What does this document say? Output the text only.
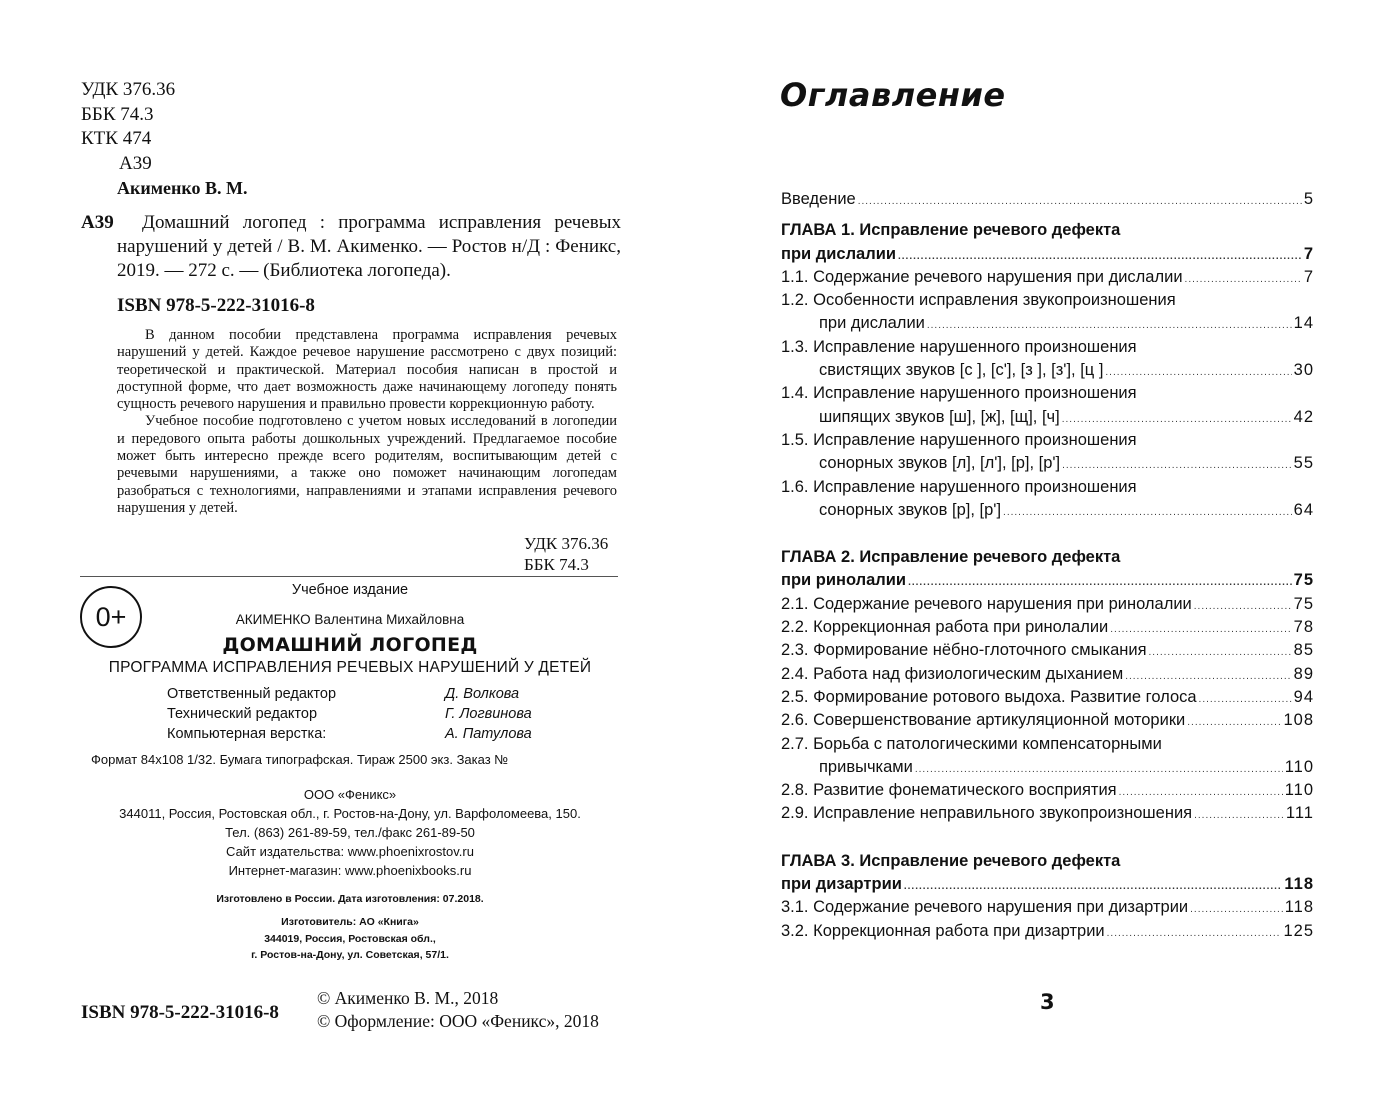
УДК 376.36
ББК 74.3
КТК 474
А39
Акименко В. М.
А39	Домашний логопед : программа исправления речевых нарушений у детей / В. М. Акименко. — Ростов н/Д : Феникс, 2019. — 272 с. — (Библиотека логопеда).
ISBN 978-5-222-31016-8

В данном пособии представлена программа исправления речевых нарушений у детей. Каждое речевое нарушение рассмотрено с двух позиций: теоретической и практической. Материал пособия написан в простой и доступной форме, что дает возможность даже начинающему логопеду понять сущность речевого нарушения и правильно провести коррекционную работу.

Учебное пособие подготовлено с учетом новых исследований в логопедии и передового опыта работы дошкольных учреждений. Предлагаемое пособие может быть интересно прежде всего родителям, воспитывающим детей с речевыми нарушениями, а также оно поможет начинающим логопедам разобраться с технологиями, направлениями и этапами исправления речевого нарушения у детей.

УДК 376.36
ББК 74.3
0+
Учебное издание
АКИМЕНКО Валентина Михайловна
ДОМАШНИЙ ЛОГОПЕД
ПРОГРАММА ИСПРАВЛЕНИЯ РЕЧЕВЫХ НАРУШЕНИЙ У ДЕТЕЙ
Ответственный редактор	Д. Волкова
Технический редактор	Г. Логвинова
Компьютерная верстка:	А. Патулова
Формат 84x108 1/32. Бумага типографская. Тираж 2500 экз. Заказ №
ООО «Феникс»
344011, Россия, Ростовская обл., г. Ростов-на-Дону, ул. Варфоломеева, 150.
Тел. (863) 261-89-59, тел./факс 261-89-50
Сайт издательства: www.phoenixrostov.ru
Интернет-магазин: www.phoenixbooks.ru
Изготовлено в России. Дата изготовления: 07.2018.
Изготовитель: АО «Книга»
344019, Россия, Ростовская обл.,
г. Ростов-на-Дону, ул. Советская, 57/1.
ISBN 978-5-222-31016-8
© Акименко В. М., 2018
© Оформление: ООО «Феникс», 2018
Оглавление
Введение .....	5
ГЛАВА 1. Исправление речевого дефекта
при дислалии .....	7
1.1. Содержание речевого нарушения при дислалии .....	7
1.2. Особенности исправления звукопроизношения
при дислалии .....	14
1.3. Исправление нарушенного произношения
свистящих звуков [с ], [с'], [з ], [з'], [ц ] .....	30
1.4. Исправление нарушенного произношения
шипящих звуков [ш], [ж], [щ], [ч] .....	42
1.5. Исправление нарушенного произношения
сонорных звуков [л], [л'], [р], [р'] .....	55
1.6. Исправление нарушенного произношения
сонорных звуков [р], [р'] .....	64
ГЛАВА 2. Исправление речевого дефекта
при ринолалии .....	75
2.1. Содержание речевого нарушения при ринолалии .....	75
2.2. Коррекционная работа при ринолалии .....	78
2.3. Формирование нёбно-глоточного смыкания .....	85
2.4. Работа над физиологическим дыханием .....	89
2.5. Формирование ротового выдоха. Развитие голоса .....	94
2.6. Совершенствование артикуляционной моторики .....	108
2.7. Борьба с патологическими компенсаторными
привычками .....	110
2.8. Развитие фонематического восприятия .....	110
2.9. Исправление неправильного звукопроизношения .....	111
ГЛАВА 3. Исправление речевого дефекта
при дизартрии .....	118
3.1. Содержание речевого нарушения при дизартрии .....	118
3.2. Коррекционная работа при дизартрии .....	125
3
